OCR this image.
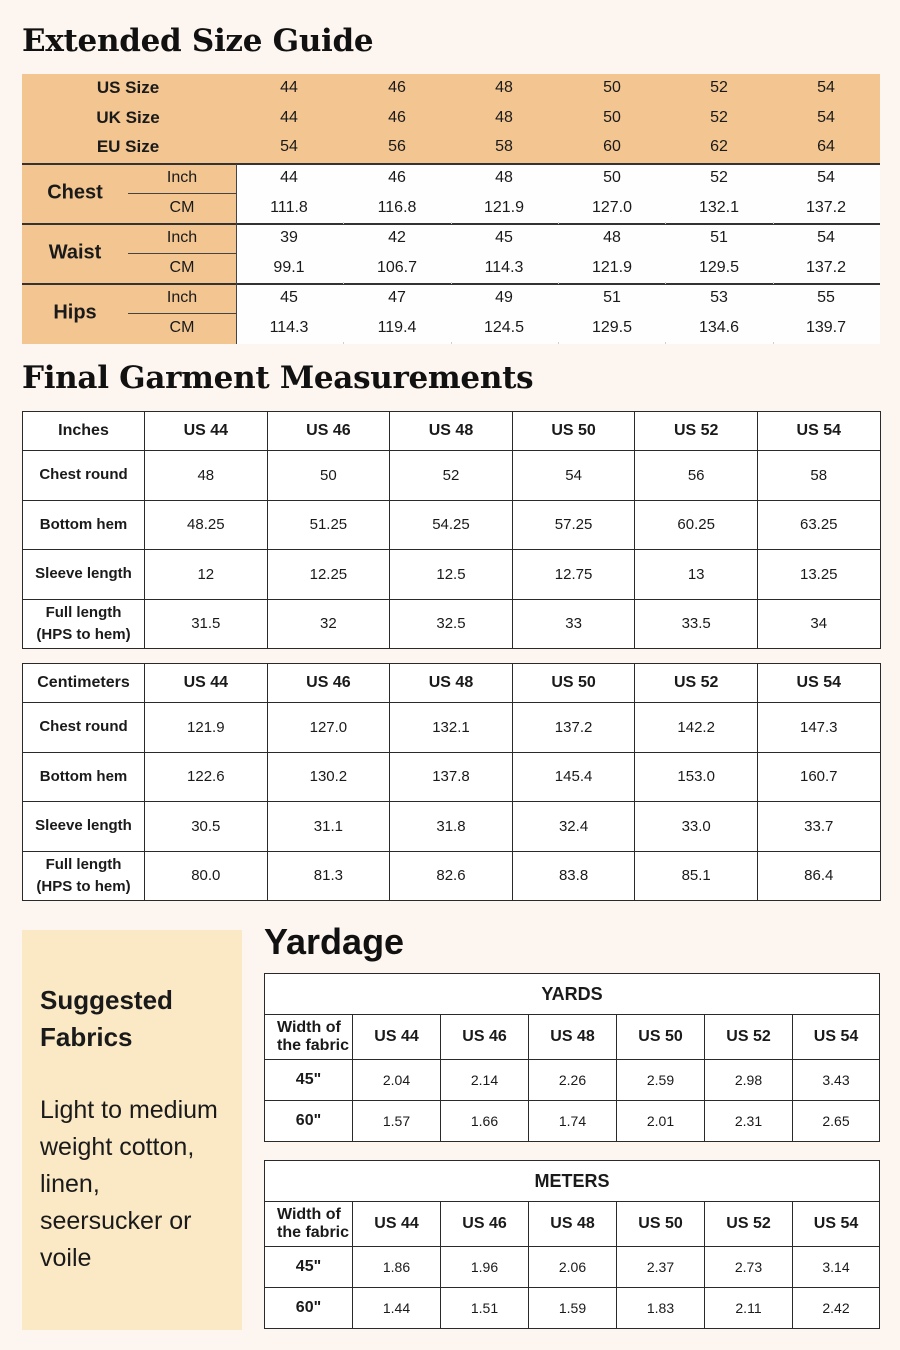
Extended Size Guide
Final Garment Measurements
Yardage
US Size	44	46	48	50	52	54
UK Size	44	46	48	50	52	54
EU Size	54	56	58	60	62	64
Chest
Inch	44	46	48	50	52	54
CM	111.8	116.8	121.9	127.0	132.1	137.2
Waist
Inch	39	42	45	48	51	54
CM	99.1	106.7	114.3	121.9	129.5	137.2
Hips
Inch	45	47	49	51	53	55
CM	114.3	119.4	124.5	129.5	134.6	139.7
Inches	US 44	US 46	US 48	US 50	US 52	US 54
Chest round	48	50	52	54	56	58
Bottom hem	48.25	51.25	54.25	57.25	60.25	63.25
Sleeve length	12	12.25	12.5	12.75	13	13.25
Full length
(HPS to hem)	31.5	32	32.5	33	33.5	34
Centimeters	US 44	US 46	US 48	US 50	US 52	US 54
Chest round	121.9	127.0	132.1	137.2	142.2	147.3
Bottom hem	122.6	130.2	137.8	145.4	153.0	160.7
Sleeve length	30.5	31.1	31.8	32.4	33.0	33.7
Full length
(HPS to hem)	80.0	81.3	82.6	83.8	85.1	86.4

Suggested
Fabrics

Light to medium
weight cotton,
linen,
seersucker or
voile

YARDS						
Width of
the fabric	US 44	US 46	US 48	US 50	US 52	US 54
45"	2.04	2.14	2.26	2.59	2.98	3.43
60"	1.57	1.66	1.74	2.01	2.31	2.65
METERS						
Width of
the fabric	US 44	US 46	US 48	US 50	US 52	US 54
45"	1.86	1.96	2.06	2.37	2.73	3.14
60"	1.44	1.51	1.59	1.83	2.11	2.42
